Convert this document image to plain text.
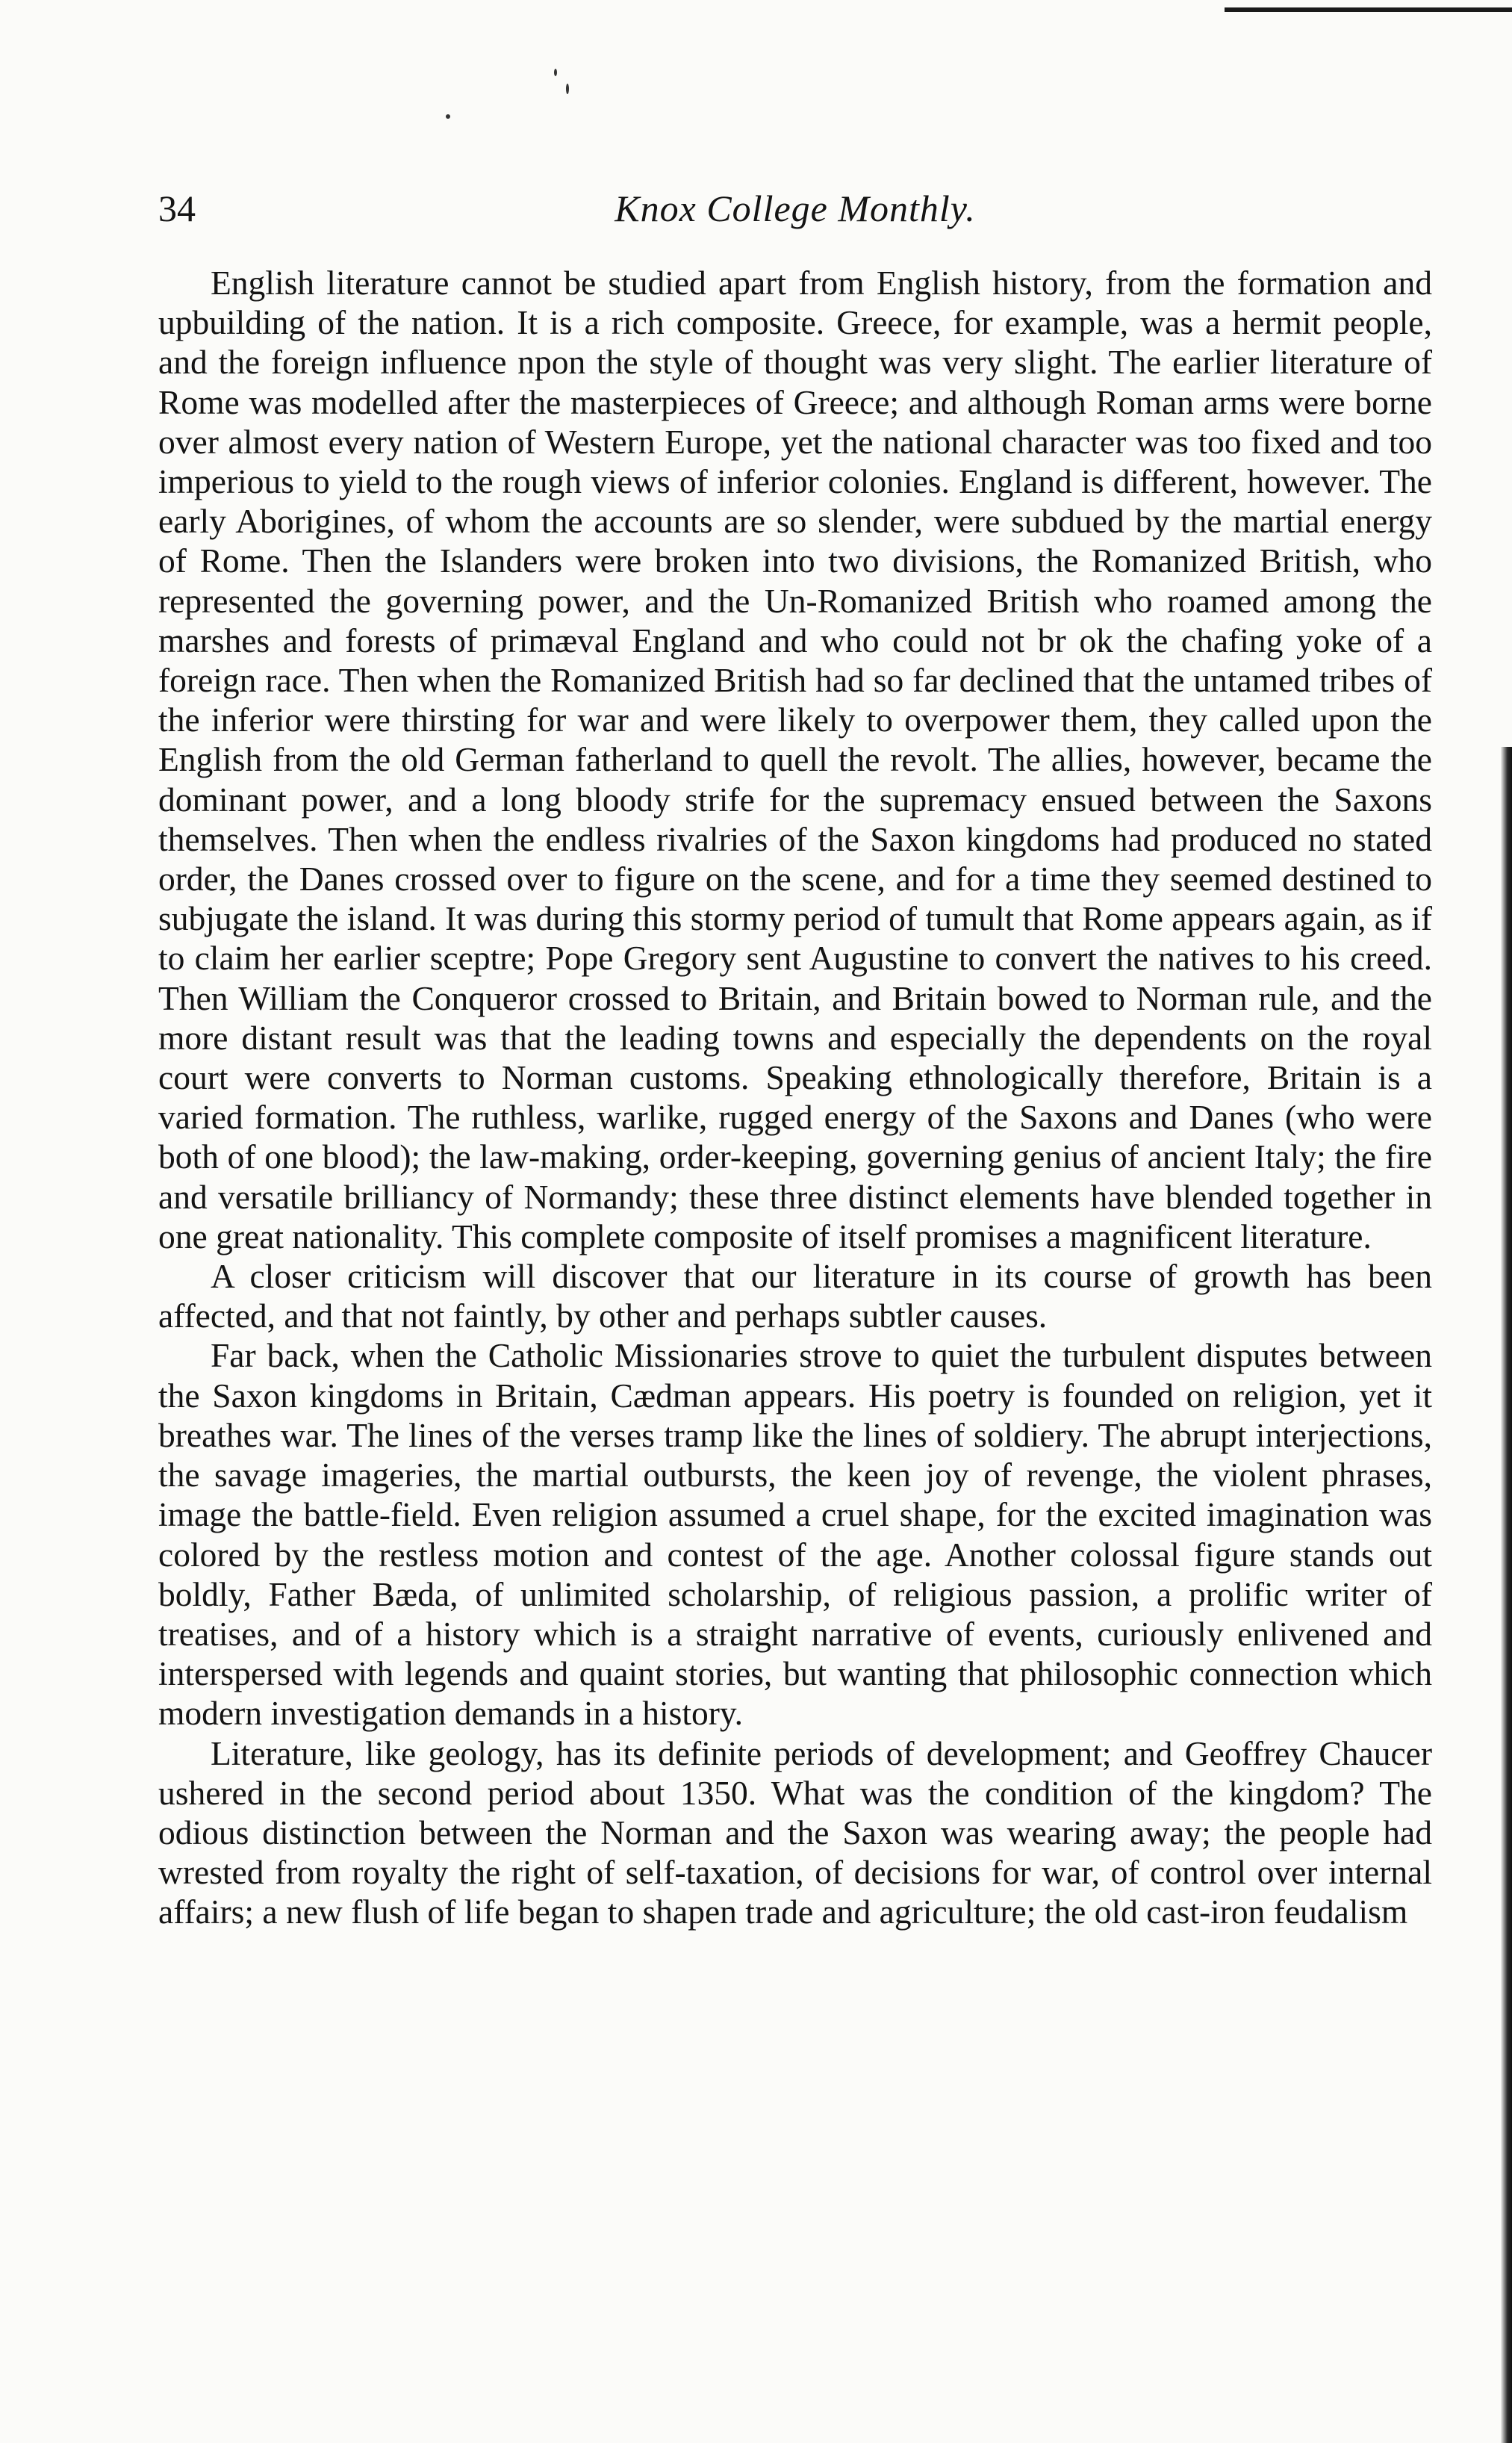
34	Knox College Monthly.

English literature cannot be studied apart from English history, from the formation and upbuilding of the nation. It is a rich composite. Greece, for example, was a hermit people, and the foreign influence npon the style of thought was very slight. The earlier literature of Rome was modelled after the masterpieces of Greece; and although Roman arms were borne over almost every nation of Western Europe, yet the national character was too fixed and too imperious to yield to the rough views of inferior colonies. England is different, however. The early Aborigines, of whom the accounts are so slender, were subdued by the martial energy of Rome. Then the Islanders were broken into two divisions, the Romanized British, who represented the governing power, and the Un-Romanized British who roamed among the marshes and forests of primæval England and who could not br ok the chafing yoke of a foreign race. Then when the Romanized British had so far declined that the untamed tribes of the inferior were thirsting for war and were likely to overpower them, they called upon the English from the old German fatherland to quell the revolt. The allies, however, became the dominant power, and a long bloody strife for the supremacy ensued between the Saxons themselves. Then when the endless rivalries of the Saxon kingdoms had produced no stated order, the Danes crossed over to figure on the scene, and for a time they seemed destined to subjugate the island. It was during this stormy period of tumult that Rome appears again, as if to claim her earlier sceptre; Pope Gregory sent Augustine to convert the natives to his creed. Then William the Conqueror crossed to Britain, and Britain bowed to Norman rule, and the more distant result was that the leading towns and especially the dependents on the royal court were converts to Norman customs. Speaking ethnologically therefore, Britain is a varied formation. The ruthless, warlike, rugged energy of the Saxons and Danes (who were both of one blood); the law-making, order-keeping, governing genius of ancient Italy; the fire and versatile brilliancy of Normandy; these three distinct elements have blended together in one great nationality. This complete composite of itself promises a magnificent literature.

A closer criticism will discover that our literature in its course of growth has been affected, and that not faintly, by other and perhaps subtler causes.

Far back, when the Catholic Missionaries strove to quiet the turbulent disputes between the Saxon kingdoms in Britain, Cædman appears. His poetry is founded on religion, yet it breathes war. The lines of the verses tramp like the lines of soldiery. The abrupt interjections, the savage imageries, the martial outbursts, the keen joy of revenge, the violent phrases, image the battle-field. Even religion assumed a cruel shape, for the excited imagination was colored by the restless motion and contest of the age. Another colossal figure stands out boldly, Father Bæda, of unlimited scholarship, of religious passion, a prolific writer of treatises, and of a history which is a straight narrative of events, curiously enlivened and interspersed with legends and quaint stories, but wanting that philosophic connection which modern investigation demands in a history.

Literature, like geology, has its definite periods of development; and Geoffrey Chaucer ushered in the second period about 1350. What was the condition of the kingdom? The odious distinction between the Norman and the Saxon was wearing away; the people had wrested from royalty the right of self-taxation, of decisions for war, of control over internal affairs; a new flush of life began to shapen trade and agriculture; the old cast-iron feudalism
